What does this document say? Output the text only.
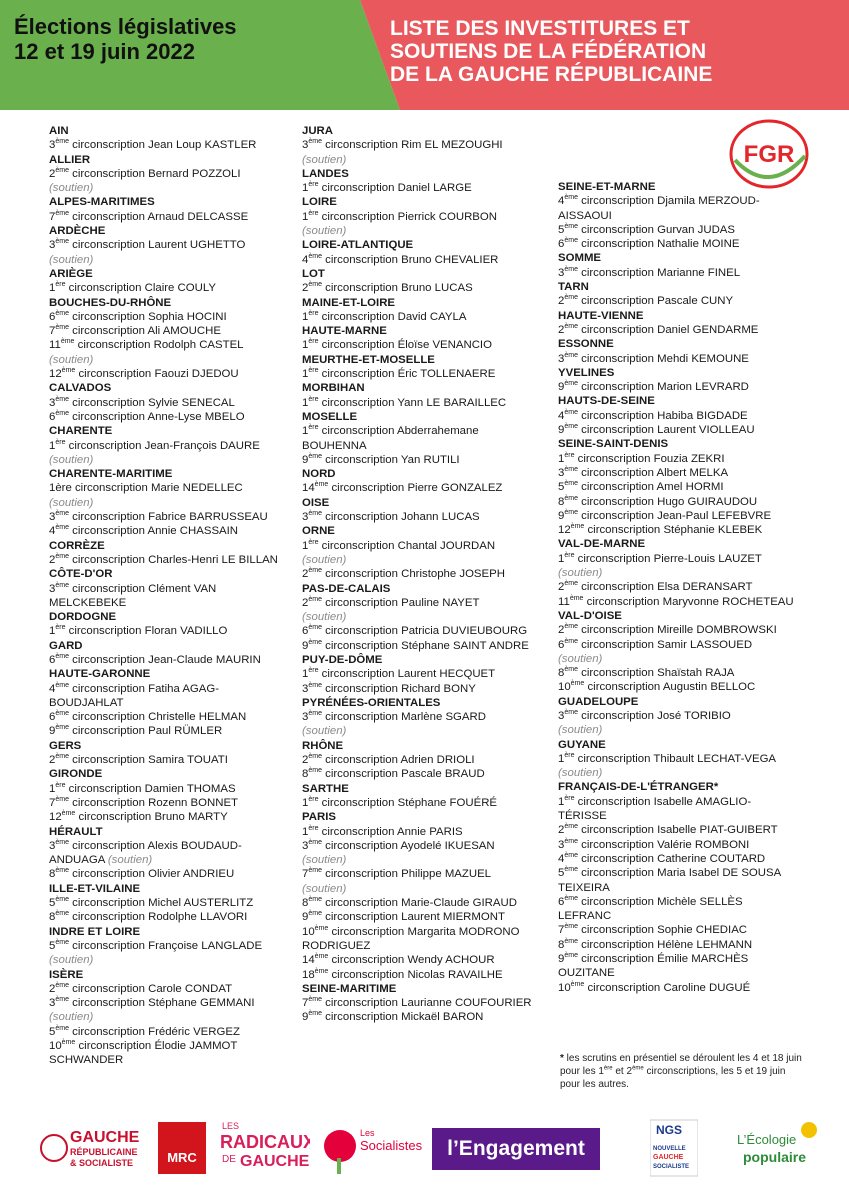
Élections législatives
12 et 19 juin 2022
LISTE DES INVESTITURES ET
SOUTIENS DE LA FÉDÉRATION
DE LA GAUCHE RÉPUBLICAINE
FGR
AIN
3ème circonscription Jean Loup KASTLER
ALLIER
2ème circonscription Bernard POZZOLI
(soutien)
ALPES-MARITIMES
7ème circonscription Arnaud DELCASSE
ARDÈCHE
3ème circonscription Laurent UGHETTO
(soutien)
ARIÈGE
1ère circonscription Claire COULY
BOUCHES-DU-RHÔNE
6ème circonscription Sophia HOCINI
7ème circonscription Ali AMOUCHE
11ème circonscription Rodolph CASTEL
(soutien)
12ème circonscription Faouzi DJEDOU
CALVADOS
3ème circonscription Sylvie SENECAL
6ème circonscription Anne-Lyse MBELO
CHARENTE
1ère circonscription Jean-François DAURE
(soutien)
CHARENTE-MARITIME
1ère circonscription Marie NEDELLEC
(soutien)
3ème circonscription Fabrice BARRUSSEAU
4ème circonscription Annie CHASSAIN
CORRÈZE
2ème circonscription Charles-Henri LE BILLAN
CÔTE-D'OR
3ème circonscription Clément VAN MELCKEBEKE
DORDOGNE
1ère circonscription Floran VADILLO
GARD
6ème circonscription Jean-Claude MAURIN
HAUTE-GARONNE
4ème circonscription Fatiha AGAG-BOUDJAHLAT
6ème circonscription Christelle HELMAN
9ème circonscription Paul RÜMLER
GERS
2ème circonscription Samira TOUATI
GIRONDE
1ère circonscription Damien THOMAS
7ème circonscription Rozenn BONNET
12ème circonscription Bruno MARTY
HÉRAULT
3ème circonscription Alexis BOUDAUD-ANDUAGA (soutien)
8ème circonscription Olivier ANDRIEU
ILLE-ET-VILAINE
5ème circonscription Michel AUSTERLITZ
8ème circonscription Rodolphe LLAVORI
INDRE ET LOIRE
5ème circonscription Françoise LANGLADE
(soutien)
ISÈRE
2ème circonscription Carole CONDAT
3ème circonscription Stéphane GEMMANI
(soutien)
5ème circonscription Frédéric VERGEZ
10ème circonscription Élodie JAMMOT SCHWANDER
JURA
3ème circonscription Rim EL MEZOUGHI
(soutien)
LANDES
1ère circonscription Daniel LARGE
LOIRE
1ère circonscription Pierrick COURBON
(soutien)
LOIRE-ATLANTIQUE
4ème circonscription Bruno CHEVALIER
LOT
2ème circonscription Bruno LUCAS
MAINE-ET-LOIRE
1ère circonscription David CAYLA
HAUTE-MARNE
1ère circonscription Éloïse VENANCIO
MEURTHE-ET-MOSELLE
1ère circonscription Éric TOLLENAERE
MORBIHAN
1ère circonscription Yann LE BARAILLEC
MOSELLE
1ère circonscription Abderrahemane BOUHENNA
9ème circonscription Yan RUTILI
NORD
14ème circonscription Pierre GONZALEZ
OISE
3ème circonscription Johann LUCAS
ORNE
1ère circonscription Chantal JOURDAN
(soutien)
2ème circonscription Christophe JOSEPH
PAS-DE-CALAIS
2ème circonscription Pauline NAYET
(soutien)
6ème circonscription Patricia DUVIEUBOURG
9ème circonscription Stéphane SAINT ANDRE
PUY-DE-DÔME
1ère circonscription Laurent HECQUET
3ème circonscription Richard BONY
PYRÉNÉES-ORIENTALES
3ème circonscription Marlène SGARD
(soutien)
RHÔNE
2ème circonscription Adrien DRIOLI
8ème circonscription Pascale BRAUD
SARTHE
1ère circonscription Stéphane FOUÉRÉ
PARIS
1ère circonscription Annie PARIS
3ème circonscription Ayodelé IKUESAN
(soutien)
7ème circonscription Philippe MAZUEL
(soutien)
8ème circonscription Marie-Claude GIRAUD
9ème circonscription Laurent MIERMONT
10ème circonscription Margarita MODRONO RODRIGUEZ
14ème circonscription Wendy ACHOUR
18ème circonscription Nicolas RAVAILHE
SEINE-MARITIME
7ème circonscription Laurianne COUFOURIER
9ème circonscription Mickaël BARON
SEINE-ET-MARNE
4ème circonscription Djamila MERZOUD-AISSAOUI
5ème circonscription Gurvan JUDAS
6ème circonscription Nathalie MOINE
SOMME
3ème circonscription Marianne FINEL
TARN
2ème circonscription Pascale CUNY
HAUTE-VIENNE
2ème circonscription Daniel GENDARME
ESSONNE
3ème circonscription Mehdi KEMOUNE
YVELINES
9ème circonscription Marion LEVRARD
HAUTS-DE-SEINE
4ème circonscription Habiba BIGDADE
9ème circonscription Laurent VIOLLEAU
SEINE-SAINT-DENIS
1ère circonscription Fouzia ZEKRI
3ème circonscription Albert MELKA
5ème circonscription Amel HORMI
8ème circonscription Hugo GUIRAUDOU
9ème circonscription Jean-Paul LEFEBVRE
12ème circonscription Stéphanie KLEBEK
VAL-DE-MARNE
1ère circonscription Pierre-Louis LAUZET
(soutien)
2ème circonscription Elsa DERANSART
11ème circonscription Maryvonne ROCHETEAU
VAL-D'OISE
2ème circonscription Mireille DOMBROWSKI
6ème circonscription Samir LASSOUED
(soutien)
8ème circonscription Shaïstah RAJA
10ème circonscription Augustin BELLOC
GUADELOUPE
3ème circonscription José TORIBIO
(soutien)
GUYANE
1ère circonscription Thibault LECHAT-VEGA (soutien)
FRANÇAIS-DE-L'ÉTRANGER*
1ère circonscription Isabelle AMAGLIO-TÉRISSE
2ème circonscription Isabelle PIAT-GUIBERT
3ème circonscription Valérie ROMBONI
4ème circonscription Catherine COUTARD
5ème circonscription Maria Isabel DE SOUSA TEIXEIRA
6ème circonscription Michèle SELLÈS LEFRANC
7ème circonscription Sophie CHEDIAC
8ème circonscription Hélène LEHMANN
9ème circonscription Émilie MARCHÈS OUZITANE
10ème circonscription Caroline DUGUÉ
* les scrutins en présentiel se déroulent les 4 et 18 juin pour les 1ère et 2ème circonscriptions, les 5 et 19 juin pour les autres.
GAUCHE
RÉPUBLICAINE
& SOCIALISTE	MRC
LES
RADICAUX
DE GAUCHE
Les
Socialistes	l’Engagement
NGS
NOUVELLE
GAUCHE
SOCIALISTE
L’Écologie
populaire
